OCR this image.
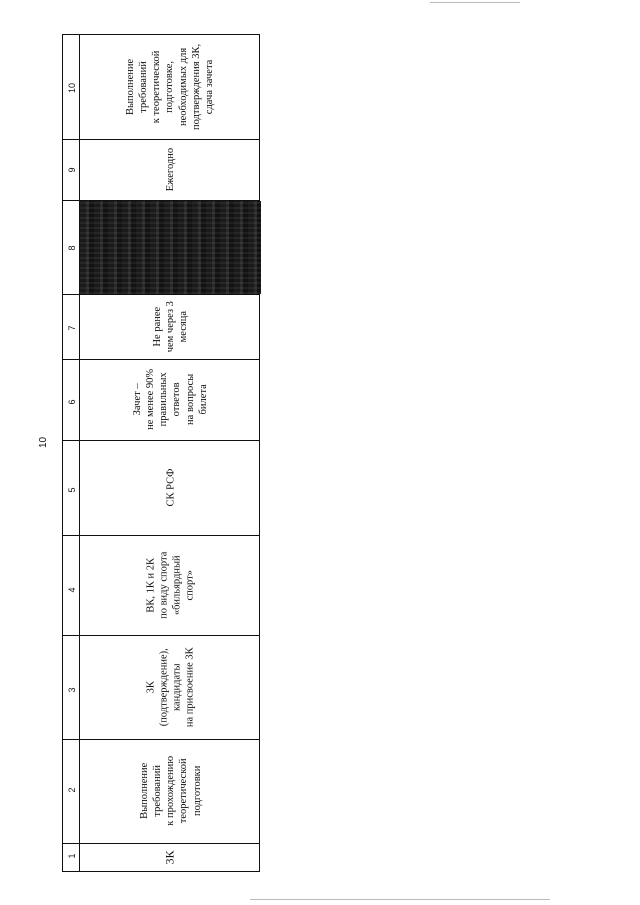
10
1
2
3
4
5
6
7
8
9
10
3К
Выполнение
требований
к прохождению
теоретической
подготовки
3К
(подтверждение),
кандидаты
на присвоение 3К
ВК, 1К и 2К
по виду спорта
«бильярдный
спорт»
СК РСФ
Зачет –
не менее 90%
правильных
ответов
на вопросы
билета
Не ранее
чем через 3
месяца
Ежегодно
Выполнение
требований
к теоретической
подготовке,
необходимых для
подтверждения 3К,
сдача зачета
